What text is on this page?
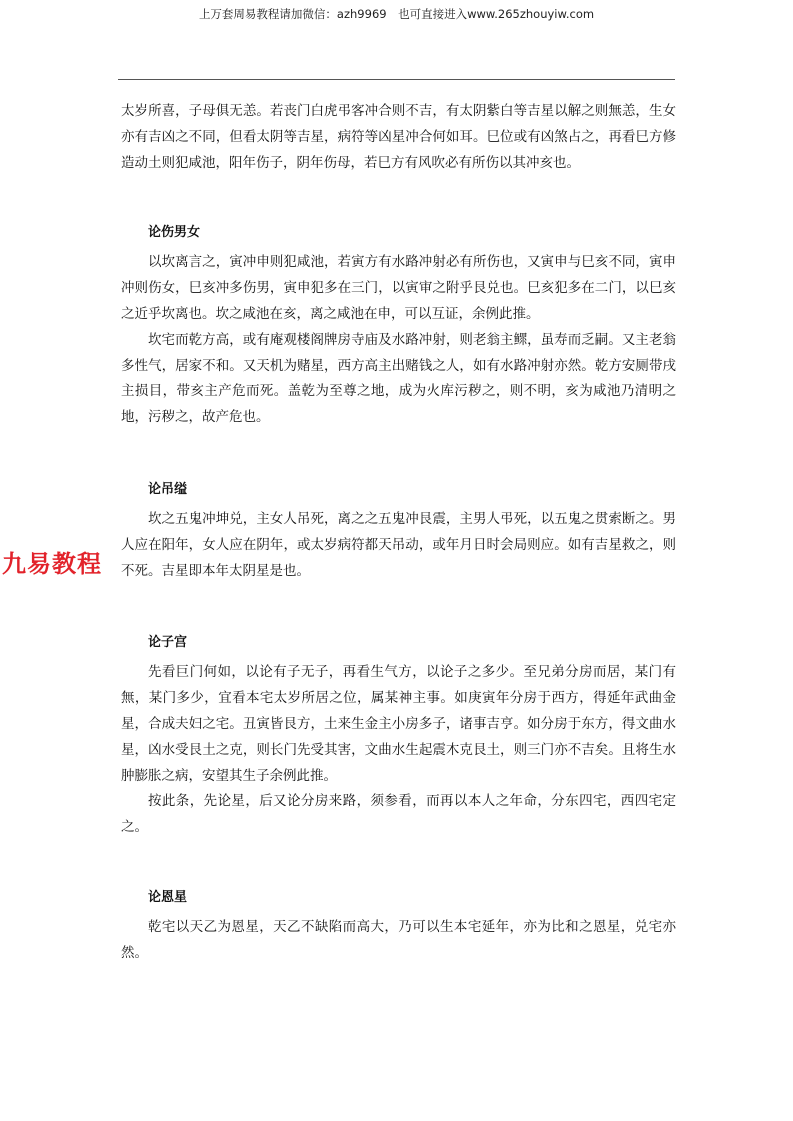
上万套周易教程请加微信：azh9969　也可直接进入www.265zhouyiw.com
九易教程

太岁所喜，子母俱无恙。若丧门白虎弔客冲合则不吉，有太阴紫白等吉星以解之则無恙，生女亦有吉凶之不同，但看太阴等吉星，病符等凶星冲合何如耳。巳位或有凶煞占之，再看巳方修造动土则犯咸池，阳年伤子，阴年伤母，若巳方有风吹必有所伤以其冲亥也。

论伤男女

以坎离言之，寅冲申则犯咸池，若寅方有水路冲射必有所伤也，又寅申与巳亥不同，寅申冲则伤女，巳亥冲多伤男，寅申犯多在三门，以寅审之附乎艮兑也。巳亥犯多在二门，以巳亥之近乎坎离也。坎之咸池在亥，离之咸池在申，可以互证，余例此推。

坎宅而乾方高，或有庵观楼阁牌房寺庙及水路冲射，则老翁主鳏，虽寿而乏嗣。又主老翁多性气，居家不和。又天机为赌星，西方高主出赌钱之人，如有水路冲射亦然。乾方安厕带戌主损目，带亥主产危而死。盖乾为至尊之地，成为火库污秽之，则不明，亥为咸池乃清明之地，污秽之，故产危也。

论吊缢

坎之五鬼冲坤兑，主女人吊死，离之之五鬼冲艮震，主男人弔死，以五鬼之贯索断之。男人应在阳年，女人应在阴年，或太岁病符都天吊动，或年月日时会局则应。如有吉星救之，则不死。吉星即本年太阴星是也。

论子宫

先看巨门何如，以论有子无子，再看生气方，以论子之多少。至兄弟分房而居，某门有無，某门多少，宜看本宅太岁所居之位，属某神主事。如庚寅年分房于西方，得延年武曲金星，合成夫妇之宅。丑寅皆艮方，土来生金主小房多子，诸事吉亨。如分房于东方，得文曲水星，凶水受艮土之克，则长门先受其害，文曲水生起震木克艮土，则三门亦不吉矣。且将生水肿膨胀之病，安望其生子余例此推。

按此条，先论星，后又论分房来路，须参看，而再以本人之年命，分东四宅，西四宅定之。

论恩星

乾宅以天乙为恩星，天乙不缺陷而高大，乃可以生本宅延年，亦为比和之恩星，兑宅亦然。
